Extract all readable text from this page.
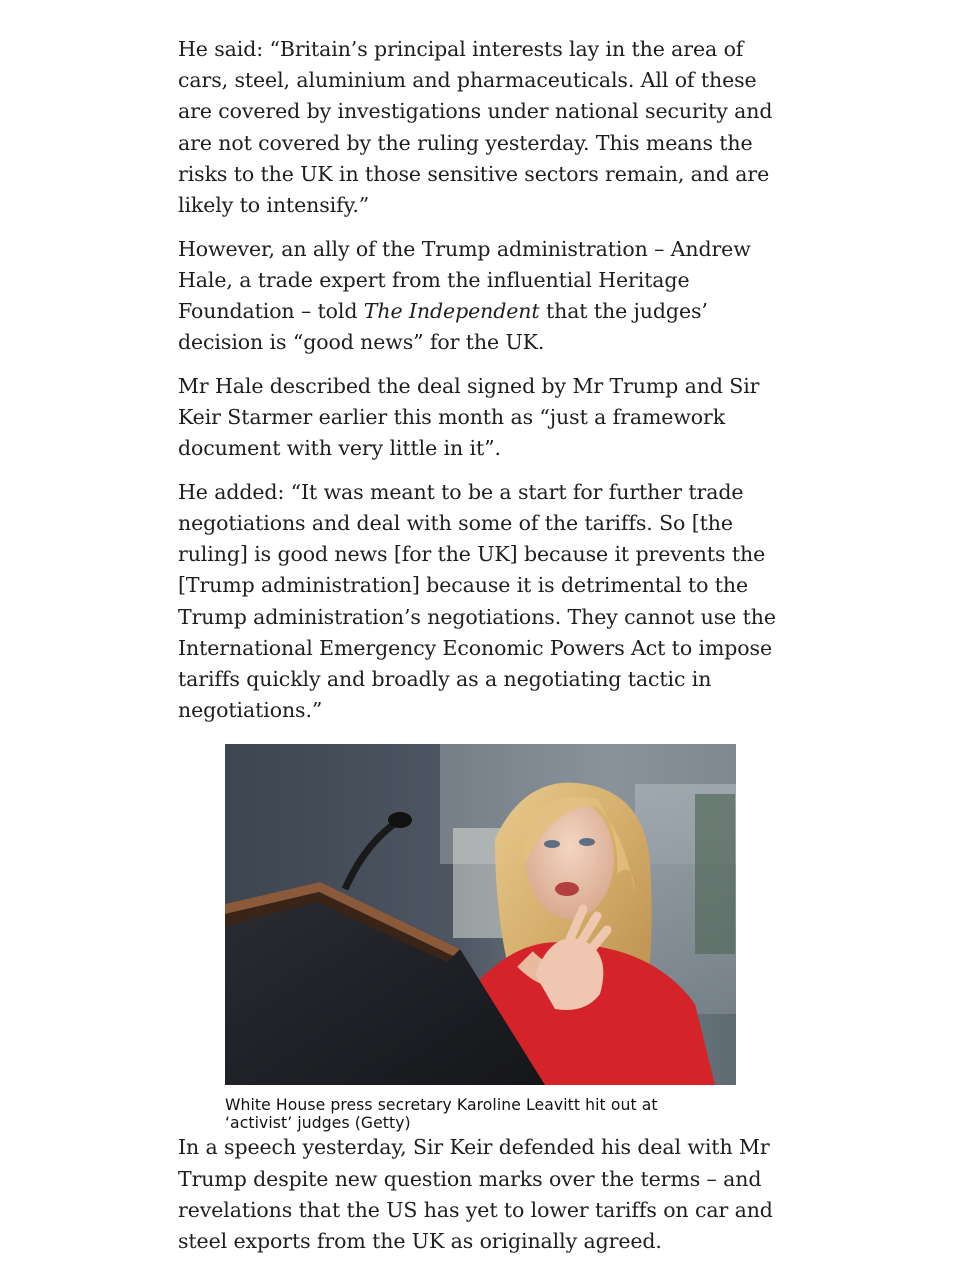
He said: “Britain’s principal interests lay in the area of cars, steel, aluminium and pharmaceuticals. All of these are covered by investigations under national security and are not covered by the ruling yesterday. This means the risks to the UK in those sensitive sectors remain, and are likely to intensify.”

However, an ally of the Trump administration – Andrew Hale, a trade expert from the influential Heritage Foundation – told The Independent that the judges’ decision is “good news” for the UK.

Mr Hale described the deal signed by Mr Trump and Sir Keir Starmer earlier this month as “just a framework document with very little in it”.

He added: “It was meant to be a start for further trade negotiations and deal with some of the tariffs. So [the ruling] is good news [for the UK] because it prevents the [Trump administration] because it is detrimental to the Trump administration’s negotiations. They cannot use the International Emergency Economic Powers Act to impose tariffs quickly and broadly as a negotiating tactic in negotiations.”

White House press secretary Karoline Leavitt hit out at ‘activist’ judges (Getty)

In a speech yesterday, Sir Keir defended his deal with Mr Trump despite new question marks over the terms – and revelations that the US has yet to lower tariffs on car and steel exports from the UK as originally agreed.
